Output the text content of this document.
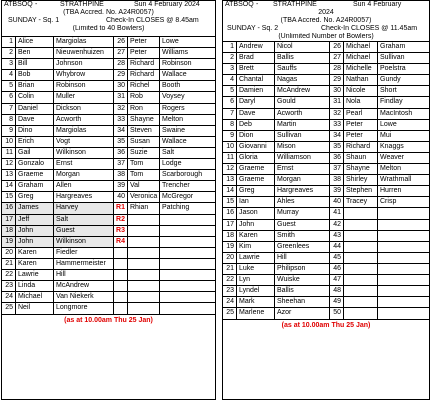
ATBSOQ -	STRATHPINE	Sun 4 February 2024
(TBA Accred. No. A24R0057)
SUNDAY - Sq. 1	Check-In CLOSES @ 8.45am
(Limited to 40 Bowlers)
1 Alice	Margiolas	26 Peter	Lowe
2 Ben	Nieuwenhuizen	27 Peter	Williams
3 Bill	Johnson	28 Richard	Robinson
4 Bob	Whybrow	29 Richard	Wallace
5 Brian	Robinson	30 Richel	Booth
6 Colin	Muller	31 Rob	Voysey
7 Daniel	Dickson	32 Ron	Rogers
8 Dave	Acworth	33 Shayne	Melton
9 Dino	Margiolas	34 Steven	Swaine
10 Erich	Vogt	35 Susan	Wallace
11 Gail	Wilkinson	36 Suzie	Salt
12 Gonzalo	Ernst	37 Tom	Lodge
13 Graeme	Morgan	38 Tom	Scarborough
14 Graham	Allen	39 Val	Trencher
15 Greg	Hargreaves	40 Veronica McGregor
16 James	Harvey	R1 Rhian	Patching
17 Jeff	Salt	R2
18 John	Guest	R3
19 John	Wilkinson	R4
20 Karen	Fiedler
21 Karen	Hammermeister
22 Lawrie	Hill
23 Linda	McAndrew
24 Michael	Van Niekerk
25 Neil	Longmore
(as at 10.00am Thu 25 Jan)
ATBSOQ - STRATHPINE	Sun 4 February
2024
(TBA Accred. No. A24R0057)
SUNDAY - Sq. 2	Check-In CLOSES @ 11.45am
(Unlimited Number of Bowlers)
1 Andrew	Nicol	26 Michael	Graham
2 Brad	Ballis	27 Michael	Sullivan
3 Brett	Sauffs	28 Michelle	Poelstra
4 Chantal	Nagas	29 Nathan	Gundy
5 Damien	McAndrew	30 Nicole	Short
6 Daryl	Gould	31 Nola	Findlay
7 Dave	Acworth	32 Pearl	MacIntosh
8 Deb	Martin	33 Peter	Lowe
9 Dion	Sullivan	34 Peter	Mui
10 Giovanni	Mison	35 Richard	Knaggs
11 Gloria	Williamson	36 Shaun	Weaver
12 Graeme	Ernst	37 Shayne	Melton
13 Graeme	Morgan	38 Shirley	Wrathmall
14 Greg	Hargreaves	39 Stephen	Hurren
15 Ian	Ahles	40 Tracey	Crisp
16 Jason	Murray	41
17 John	Guest	42
18 Karen	Smith	43
19 Kim	Greenlees	44
20 Lawrie	Hill	45
21 Luke	Philipson	46
22 Lyn	Wuiske	47
23 Lyndel	Ballis	48
24 Mark	Sheehan	49
25 Marlene	Azor	50
(as at 10.00am Thu 25 Jan)
